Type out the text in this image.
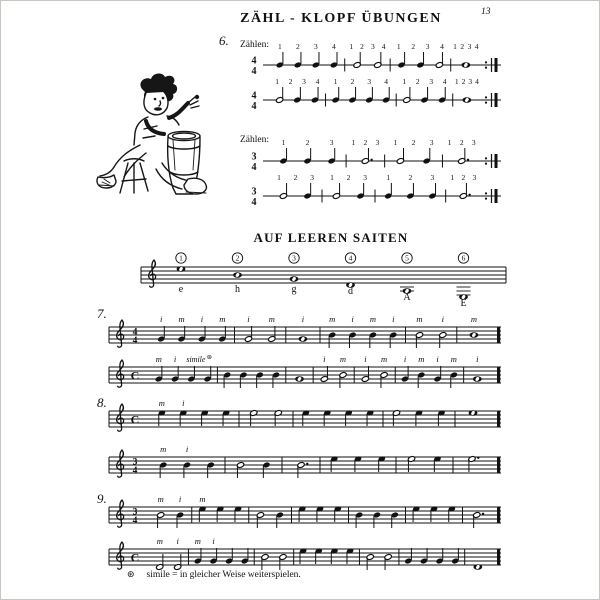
ZÄHL - KLOPF ÜBUNGEN	13
6. Zählen:
Zählen:
AUF LEEREN SAITEN
7.
8.
9.
⊛ simile = in gleicher Weise weiterspielen.
4
4
1 2 3 4 1 2 3 4 1 2 3 4 1 2 3 4
4
4
1 2 3 4 1 2 3 4 1 2 3 4 1 2 3 4
3
4
1	2	3 1 2 3 1 2 3 1 2 3
3
4
1 2 3 1 2 3	1 2 3 1 2 3
1
e
2
h
3
g
4
d
5
A
6
E
4
4
i m i m	i m	i	m i m i	m i	m
C
m i simile ⊛	i m i m i m i m i
C
m i
3
4
m i
3
4
m i m
C
m i m i
